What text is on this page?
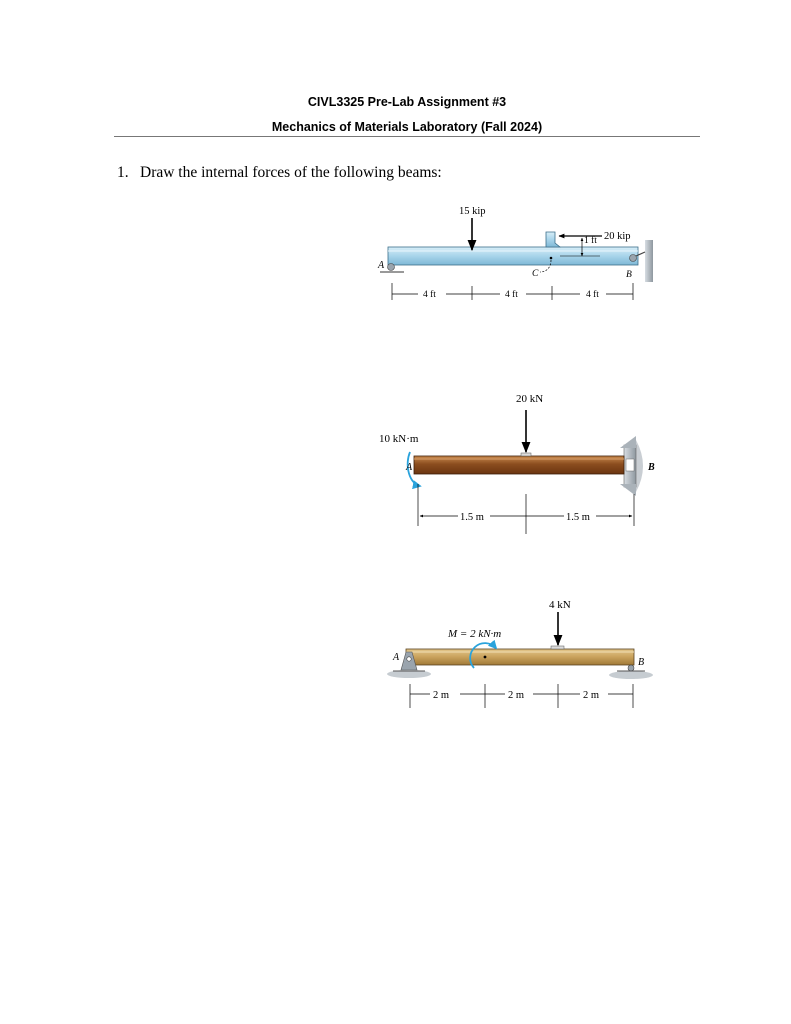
CIVL3325 Pre-Lab Assignment #3
Mechanics of Materials Laboratory (Fall 2024)
1. Draw the internal forces of the following beams:
15 kip
20 kip
1 ft
C
A
B
4 ft	4 ft	4 ft
20 kN
10 kN·m
A	B
1.5 m	1.5 m
4 kN
M = 2 kN·m
A	B
2 m	2 m	2 m
